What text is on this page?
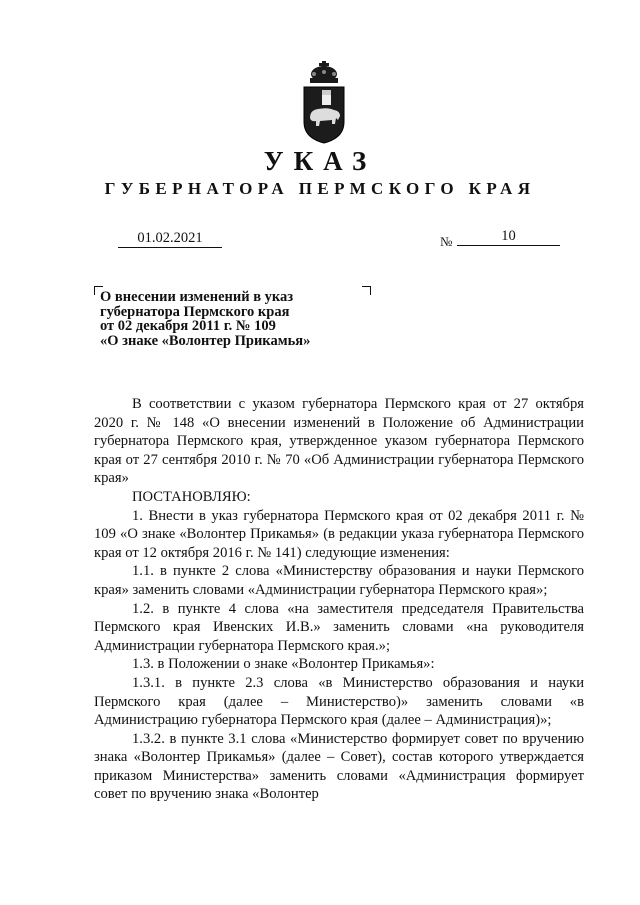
УКАЗ
ГУБЕРНАТОРА ПЕРМСКОГО КРАЯ
01.02.2021	№	10
О внесении изменений в указ
губернатора Пермского края
от 02 декабря 2011 г. № 109
«О знаке «Волонтер Прикамья»

В соответствии с указом губернатора Пермского края от 27 октября 2020 г. № 148 «О внесении изменений в Положение об Администрации губернатора Пермского края, утвержденное указом губернатора Пермского края от 27 сентября 2010 г. № 70 «Об Администрации губернатора Пермского края»

ПОСТАНОВЛЯЮ:

1. Внести в указ губернатора Пермского края от 02 декабря 2011 г. № 109 «О знаке «Волонтер Прикамья» (в редакции указа губернатора Пермского края от 12 октября 2016 г. № 141) следующие изменения:

1.1. в пункте 2 слова «Министерству образования и науки Пермского края» заменить словами «Администрации губернатора Пермского края»;

1.2. в пункте 4 слова «на заместителя председателя Правительства Пермского края Ивенских И.В.» заменить словами «на руководителя Администрации губернатора Пермского края.»;

1.3. в Положении о знаке «Волонтер Прикамья»:

1.3.1. в пункте 2.3 слова «в Министерство образования и науки Пермского края (далее – Министерство)» заменить словами «в Администрацию губернатора Пермского края (далее – Администрация)»;

1.3.2. в пункте 3.1 слова «Министерство формирует совет по вручению знака «Волонтер Прикамья» (далее – Совет), состав которого утверждается приказом Министерства» заменить словами «Администрация формирует совет по вручению знака «Волонтер
